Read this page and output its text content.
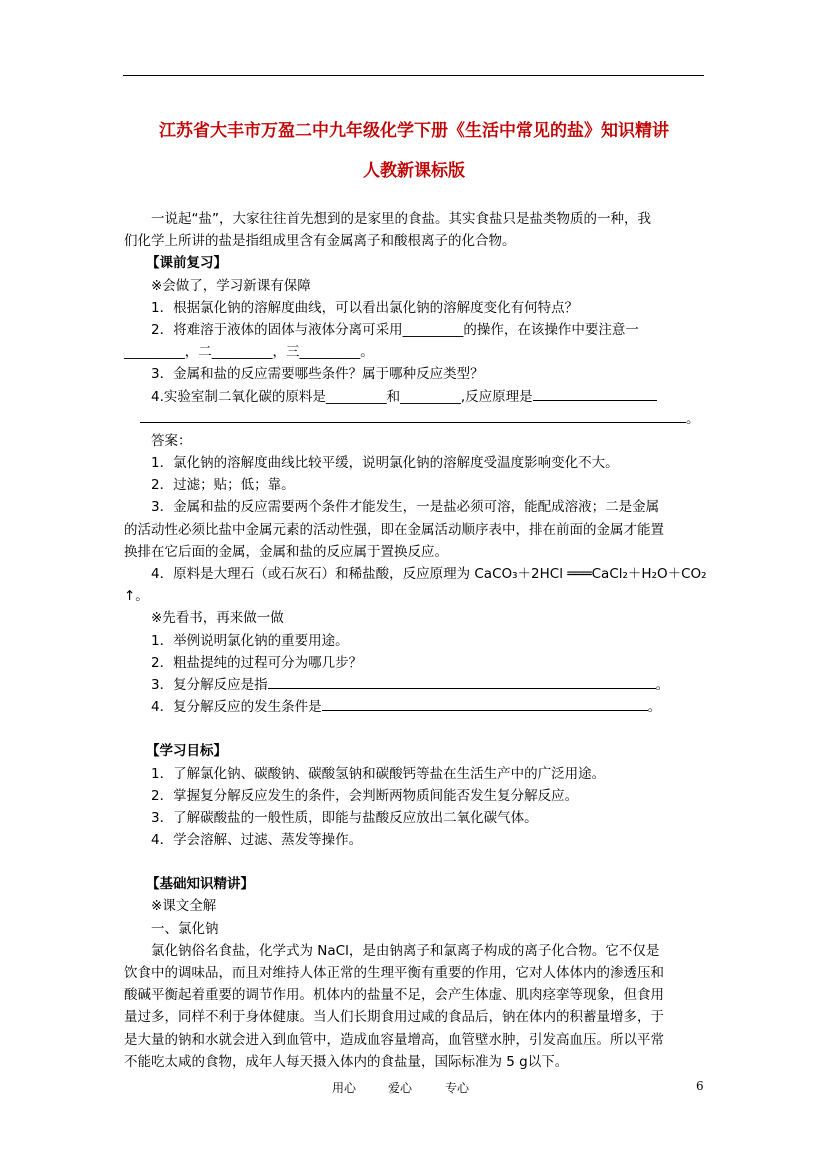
江苏省大丰市万盈二中九年级化学下册《生活中常见的盐》知识精讲
人教新课标版
一说起“盐”，大家往往首先想到的是家里的食盐。其实食盐只是盐类物质的一种，我
们化学上所讲的盐是指组成里含有金属离子和酸根离子的化合物。
【课前复习】
※会做了，学习新课有保障
1．根据氯化钠的溶解度曲线，可以看出氯化钠的溶解度变化有何特点？
2．将难溶于液体的固体与液体分离可采用_________的操作，在该操作中要注意一
_________，二_________，三_________。
3．金属和盐的反应需要哪些条件？属于哪种反应类型？
4.实验室制二氧化碳的原料是_________和_________,反应原理是
。
答案：
1．氯化钠的溶解度曲线比较平缓，说明氯化钠的溶解度受温度影响变化不大。
2．过滤；贴；低；靠。
3．金属和盐的反应需要两个条件才能发生，一是盐必须可溶，能配成溶液；二是金属
的活动性必须比盐中金属元素的活动性强，即在金属活动顺序表中，排在前面的金属才能置
换排在它后面的金属，金属和盐的反应属于置换反应。
4．原料是大理石（或石灰石）和稀盐酸，反应原理为 CaCO₃＋2HCl ═══CaCl₂＋H₂O＋CO₂
↑。
※先看书，再来做一做
1．举例说明氯化钠的重要用途。
2．粗盐提纯的过程可分为哪几步？
3．复分解反应是指	。
4．复分解反应的发生条件是	。
【学习目标】
1．了解氯化钠、碳酸钠、碳酸氢钠和碳酸钙等盐在生活生产中的广泛用途。
2．掌握复分解反应发生的条件，会判断两物质间能否发生复分解反应。
3．了解碳酸盐的一般性质，即能与盐酸反应放出二氧化碳气体。
4．学会溶解、过滤、蒸发等操作。
【基础知识精讲】
※课文全解
一、氯化钠
氯化钠俗名食盐，化学式为 NaCl，是由钠离子和氯离子构成的离子化合物。它不仅是
饮食中的调味品，而且对维持人体正常的生理平衡有重要的作用，它对人体体内的渗透压和
酸碱平衡起着重要的调节作用。机体内的盐量不足，会产生体虚、肌肉痉挛等现象，但食用
量过多，同样不利于身体健康。当人们长期食用过咸的食品后，钠在体内的积蓄量增多，于
是大量的钠和水就会进入到血管中，造成血容量增高，血管壁水肿，引发高血压。所以平常
不能吃太咸的食物，成年人每天摄入体内的食盐量，国际标准为 5 g以下。
用心	爱心	专心	6
